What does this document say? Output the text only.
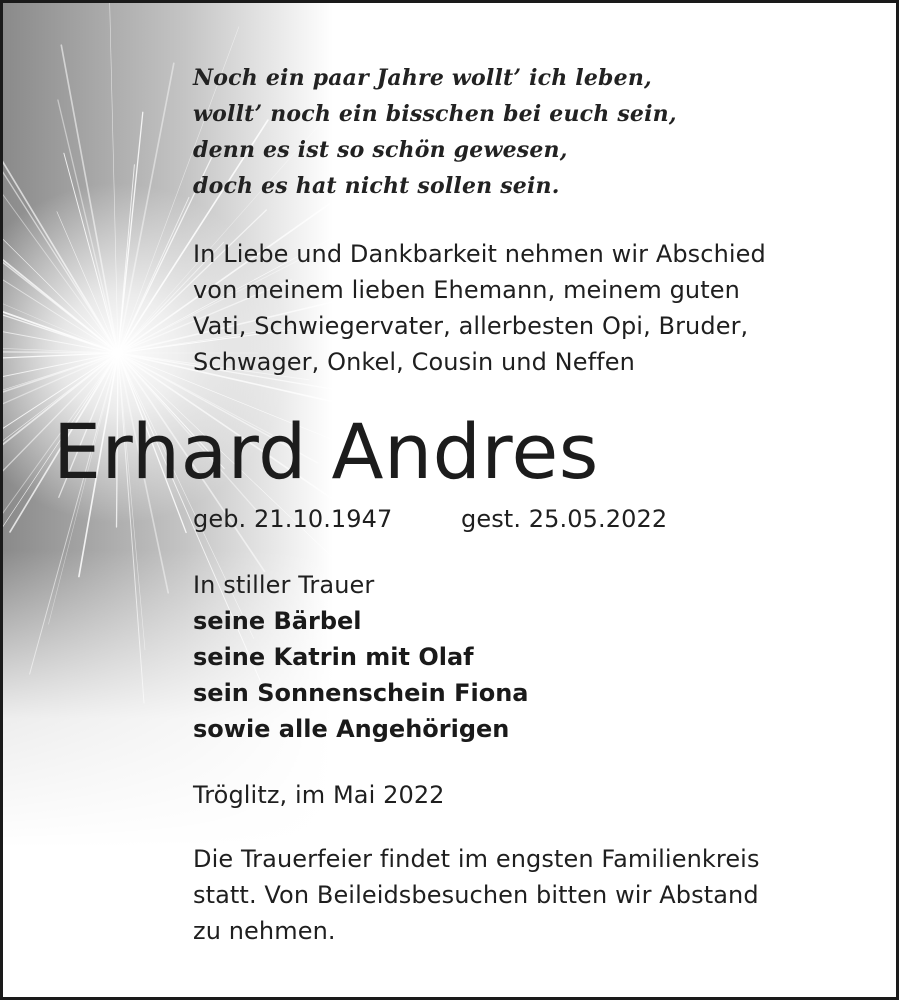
Noch ein paar Jahre wollt’ ich leben,

wollt’ noch ein bisschen bei euch sein,

denn es ist so schön gewesen,

doch es hat nicht sollen sein.

In Liebe und Dankbarkeit nehmen wir Abschied

von meinem lieben Ehemann, meinem guten

Vati, Schwiegervater, allerbesten Opi, Bruder,

Schwager, Onkel, Cousin und Neffen

Erhard Andres

geb. 21.10.1947	gest. 25.05.2022

In stiller Trauer

seine Bärbel

seine Katrin mit Olaf

sein Sonnenschein Fiona

sowie alle Angehörigen

Tröglitz, im Mai 2022

Die Trauerfeier findet im engsten Familienkreis

statt. Von Beileidsbesuchen bitten wir Abstand

zu nehmen.
